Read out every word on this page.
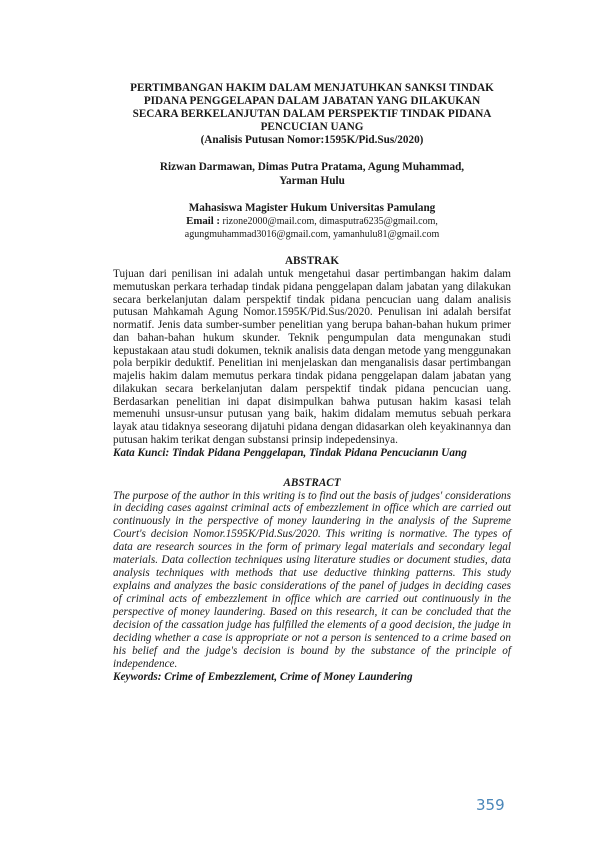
PERTIMBANGAN HAKIM DALAM MENJATUHKAN SANKSI TINDAK
PIDANA PENGGELAPAN DALAM JABATAN YANG DILAKUKAN
SECARA BERKELANJUTAN DALAM PERSPEKTIF TINDAK PIDANA
PENCUCIAN UANG

(Analisis Putusan Nomor:1595K/Pid.Sus/2020)

Rizwan Darmawan, Dimas Putra Pratama, Agung Muhammad,
Yarman Hulu

Mahasiswa Magister Hukum Universitas Pamulang

Email : rizone2000@mail.com, dimasputra6235@gmail.com,
agungmuhammad3016@gmail.com, yamanhulu81@gmail.com

ABSTRAK

Tujuan dari penilisan ini adalah untuk mengetahui dasar pertimbangan hakim dalam memutuskan perkara terhadap tindak pidana penggelapan dalam jabatan yang dilakukan secara berkelanjutan dalam perspektif tindak pidana pencucian uang dalam analisis putusan Mahkamah Agung Nomor.1595K/Pid.Sus/2020. Penulisan ini adalah bersifat normatif. Jenis data sumber-sumber penelitian yang berupa bahan-bahan hukum primer dan bahan-bahan hukum skunder. Teknik pengumpulan data mengunakan studi kepustakaan atau studi dokumen, teknik analisis data dengan metode yang menggunakan pola berpikir deduktif. Penelitian ini menjelaskan dan menganalisis dasar pertimbangan majelis hakim dalam memutus perkara tindak pidana penggelapan dalam jabatan yang dilakukan secara berkelanjutan dalam perspektif tindak pidana pencucian uang. Berdasarkan penelitian ini dapat disimpulkan bahwa putusan hakim kasasi telah memenuhi unsusr-unsur putusan yang baik, hakim didalam memutus sebuah perkara layak atau tidaknya seseorang dijatuhi pidana dengan didasarkan oleh keyakinannya dan putusan hakim terikat dengan substansi prinsip indepedensinya.

Kata Kunci: Tindak Pidana Penggelapan, Tindak Pidana Pencucianın Uang

ABSTRACT

The purpose of the author in this writing is to find out the basis of judges' considerations in deciding cases against criminal acts of embezzlement in office which are carried out continuously in the perspective of money laundering in the analysis of the Supreme Court's decision Nomor.1595K/Pid.Sus/2020. This writing is normative. The types of data are research sources in the form of primary legal materials and secondary legal materials. Data collection techniques using literature studies or document studies, data analysis techniques with methods that use deductive thinking patterns. This study explains and analyzes the basic considerations of the panel of judges in deciding cases of criminal acts of embezzlement in office which are carried out continuously in the perspective of money laundering. Based on this research, it can be concluded that the decision of the cassation judge has fulfilled the elements of a good decision, the judge in deciding whether a case is appropriate or not a person is sentenced to a crime based on his belief and the judge's decision is bound by the substance of the principle of independence.

Keywords: Crime of Embezzlement, Crime of Money Laundering

359
